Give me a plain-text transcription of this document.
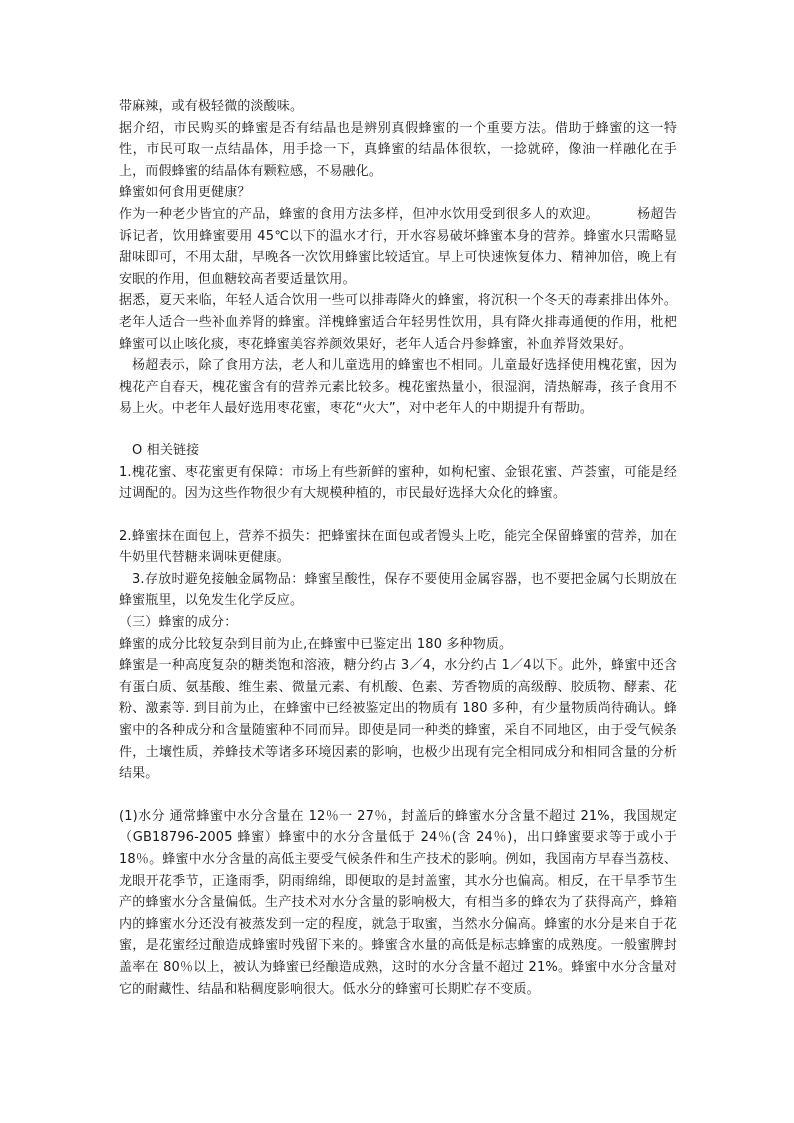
带麻辣，或有极轻微的淡酸味。

据介绍，市民购买的蜂蜜是否有结晶也是辨别真假蜂蜜的一个重要方法。借助于蜂蜜的这一特性，市民可取一点结晶体，用手捻一下，真蜂蜜的结晶体很软，一捻就碎，像油一样融化在手上，而假蜂蜜的结晶体有颗粒感，不易融化。

蜂蜜如何食用更健康？

作为一种老少皆宜的产品，蜂蜜的食用方法多样，但冲水饮用受到很多人的欢迎。	杨超告诉记者，饮用蜂蜜要用 45℃以下的温水才行，开水容易破坏蜂蜜本身的营养。蜂蜜水只需略显甜味即可，不用太甜，早晚各一次饮用蜂蜜比较适宜。早上可快速恢复体力、精神加倍，晚上有安眠的作用，但血糖较高者要适量饮用。

据悉，夏天来临，年轻人适合饮用一些可以排毒降火的蜂蜜，将沉积一个冬天的毒素排出体外。老年人适合一些补血养肾的蜂蜜。洋槐蜂蜜适合年轻男性饮用，具有降火排毒通便的作用，枇杷蜂蜜可以止咳化痰，枣花蜂蜜美容养颜效果好，老年人适合丹参蜂蜜，补血养肾效果好。

杨超表示，除了食用方法，老人和儿童选用的蜂蜜也不相同。儿童最好选择使用槐花蜜，因为槐花产自春天，槐花蜜含有的营养元素比较多。槐花蜜热量小，很湿润，清热解毒，孩子食用不易上火。中老年人最好选用枣花蜜，枣花“火大”，对中老年人的中期提升有帮助。

O 相关链接

1.槐花蜜、枣花蜜更有保障：市场上有些新鲜的蜜种，如枸杞蜜、金银花蜜、芦荟蜜，可能是经过调配的。因为这些作物很少有大规模种植的，市民最好选择大众化的蜂蜜。

2.蜂蜜抹在面包上，营养不损失：把蜂蜜抹在面包或者馒头上吃，能完全保留蜂蜜的营养，加在牛奶里代替糖来调味更健康。

3.存放时避免接触金属物品：蜂蜜呈酸性，保存不要使用金属容器，也不要把金属勺长期放在蜂蜜瓶里，以免发生化学反应。

（三）蜂蜜的成分：

蜂蜜的成分比较复杂到目前为止,在蜂蜜中已鉴定出 180 多种物质。

蜂蜜是一种高度复杂的糖类饱和溶液，糖分约占 3／4，水分约占 1／4以下。此外，蜂蜜中还含有蛋白质、氨基酸、维生素、微量元素、有机酸、色素、芳香物质的高级醇、胶质物、酵素、花粉、激素等. 到目前为止，在蜂蜜中已经被鉴定出的物质有 180 多种，有少量物质尚待确认。蜂蜜中的各种成分和含量随蜜种不同而异。即使是同一种类的蜂蜜，采自不同地区，由于受气候条件，土壤性质，养蜂技术等诸多环境因素的影响，也极少出现有完全相同成分和相同含量的分析结果。

(1)水分 通常蜂蜜中水分含量在 12％一 27％，封盖后的蜂蜜水分含量不超过 21%，我国规定（GB18796-2005 蜂蜜）蜂蜜中的水分含量低于 24％(含 24％)，出口蜂蜜要求等于或小于18％。蜂蜜中水分含量的高低主要受气候条件和生产技术的影响。例如，我国南方早春当荔枝、龙眼开花季节，正逢雨季，阴雨绵绵，即便取的是封盖蜜，其水分也偏高。相反，在干旱季节生产的蜂蜜水分含量偏低。生产技术对水分含量的影响极大，有相当多的蜂农为了获得高产，蜂箱内的蜂蜜水分还没有被蒸发到一定的程度，就急于取蜜，当然水分偏高。蜂蜜的水分是来自于花蜜，是花蜜经过酿造成蜂蜜时残留下来的。蜂蜜含水量的高低是标志蜂蜜的成熟度。一般蜜脾封盖率在 80％以上，被认为蜂蜜已经酿造成熟，这时的水分含量不超过 21%。蜂蜜中水分含量对它的耐藏性、结晶和粘稠度影响很大。低水分的蜂蜜可长期贮存不变质。
